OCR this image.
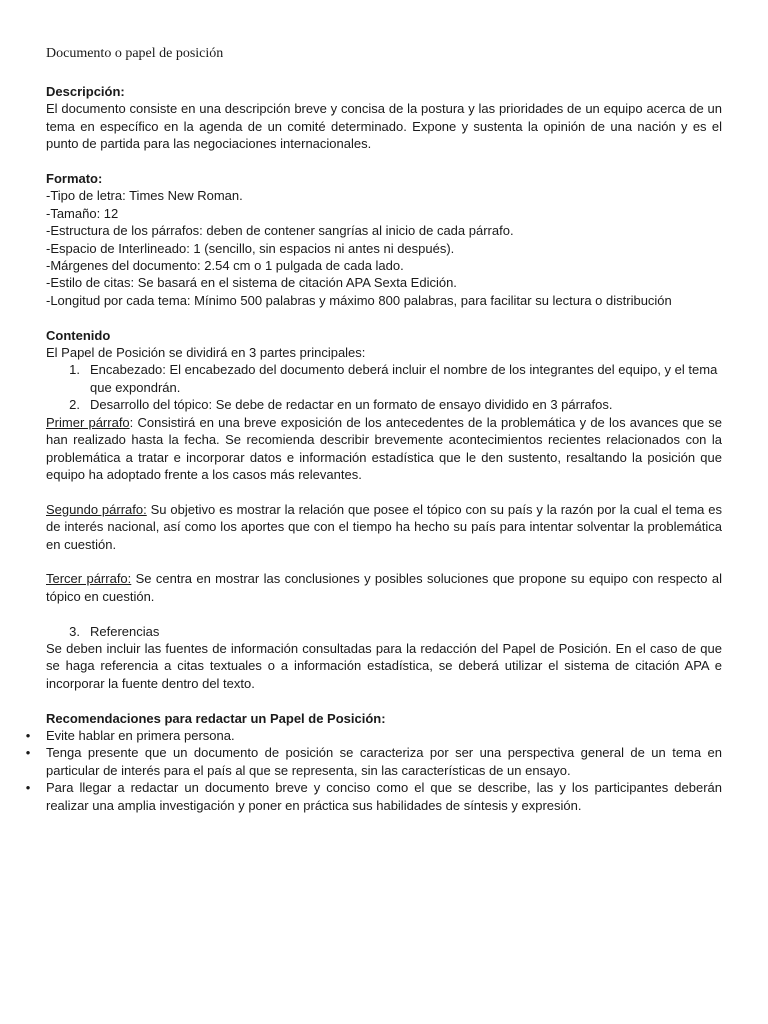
Documento o papel de posición

Descripción:

El documento consiste en una descripción breve y concisa de la postura y las prioridades de un equipo acerca de un tema en específico en la agenda de un comité determinado. Expone y sustenta la opinión de una nación y es el punto de partida para las negociaciones internacionales.

Formato:

-Tipo de letra: Times New Roman.

-Tamaño: 12

-Estructura de los párrafos: deben de contener sangrías al inicio de cada párrafo.

-Espacio de Interlineado: 1 (sencillo, sin espacios ni antes ni después).

-Márgenes del documento: 2.54 cm o 1 pulgada de cada lado.

-Estilo de citas: Se basará en el sistema de citación APA Sexta Edición.

-Longitud por cada tema: Mínimo 500 palabras y máximo 800 palabras, para facilitar su lectura o distribución

Contenido

El Papel de Posición se dividirá en 3 partes principales:

1. Encabezado: El encabezado del documento deberá incluir el nombre de los integrantes del equipo, y el tema que expondrán.
2. Desarrollo del tópico: Se debe de redactar en un formato de ensayo dividido en 3 párrafos.

Primer párrafo: Consistirá en una breve exposición de los antecedentes de la problemática y de los avances que se han realizado hasta la fecha. Se recomienda describir brevemente acontecimientos recientes relacionados con la problemática a tratar e incorporar datos e información estadística que le den sustento, resaltando la posición que equipo ha adoptado frente a los casos más relevantes.

Segundo párrafo: Su objetivo es mostrar la relación que posee el tópico con su país y la razón por la cual el tema es de interés nacional, así como los aportes que con el tiempo ha hecho su país para intentar solventar la problemática en cuestión.

Tercer párrafo: Se centra en mostrar las conclusiones y posibles soluciones que propone su equipo con respecto al tópico en cuestión.

3. Referencias

Se deben incluir las fuentes de información consultadas para la redacción del Papel de Posición. En el caso de que se haga referencia a citas textuales o a información estadística, se deberá utilizar el sistema de citación APA e incorporar la fuente dentro del texto.

Recomendaciones para redactar un Papel de Posición:

• Evite hablar en primera persona.
• Tenga presente que un documento de posición se caracteriza por ser una perspectiva general de un tema en particular de interés para el país al que se representa, sin las características de un ensayo.
• Para llegar a redactar un documento breve y conciso como el que se describe, las y los participantes deberán realizar una amplia investigación y poner en práctica sus habilidades de síntesis y expresión.
